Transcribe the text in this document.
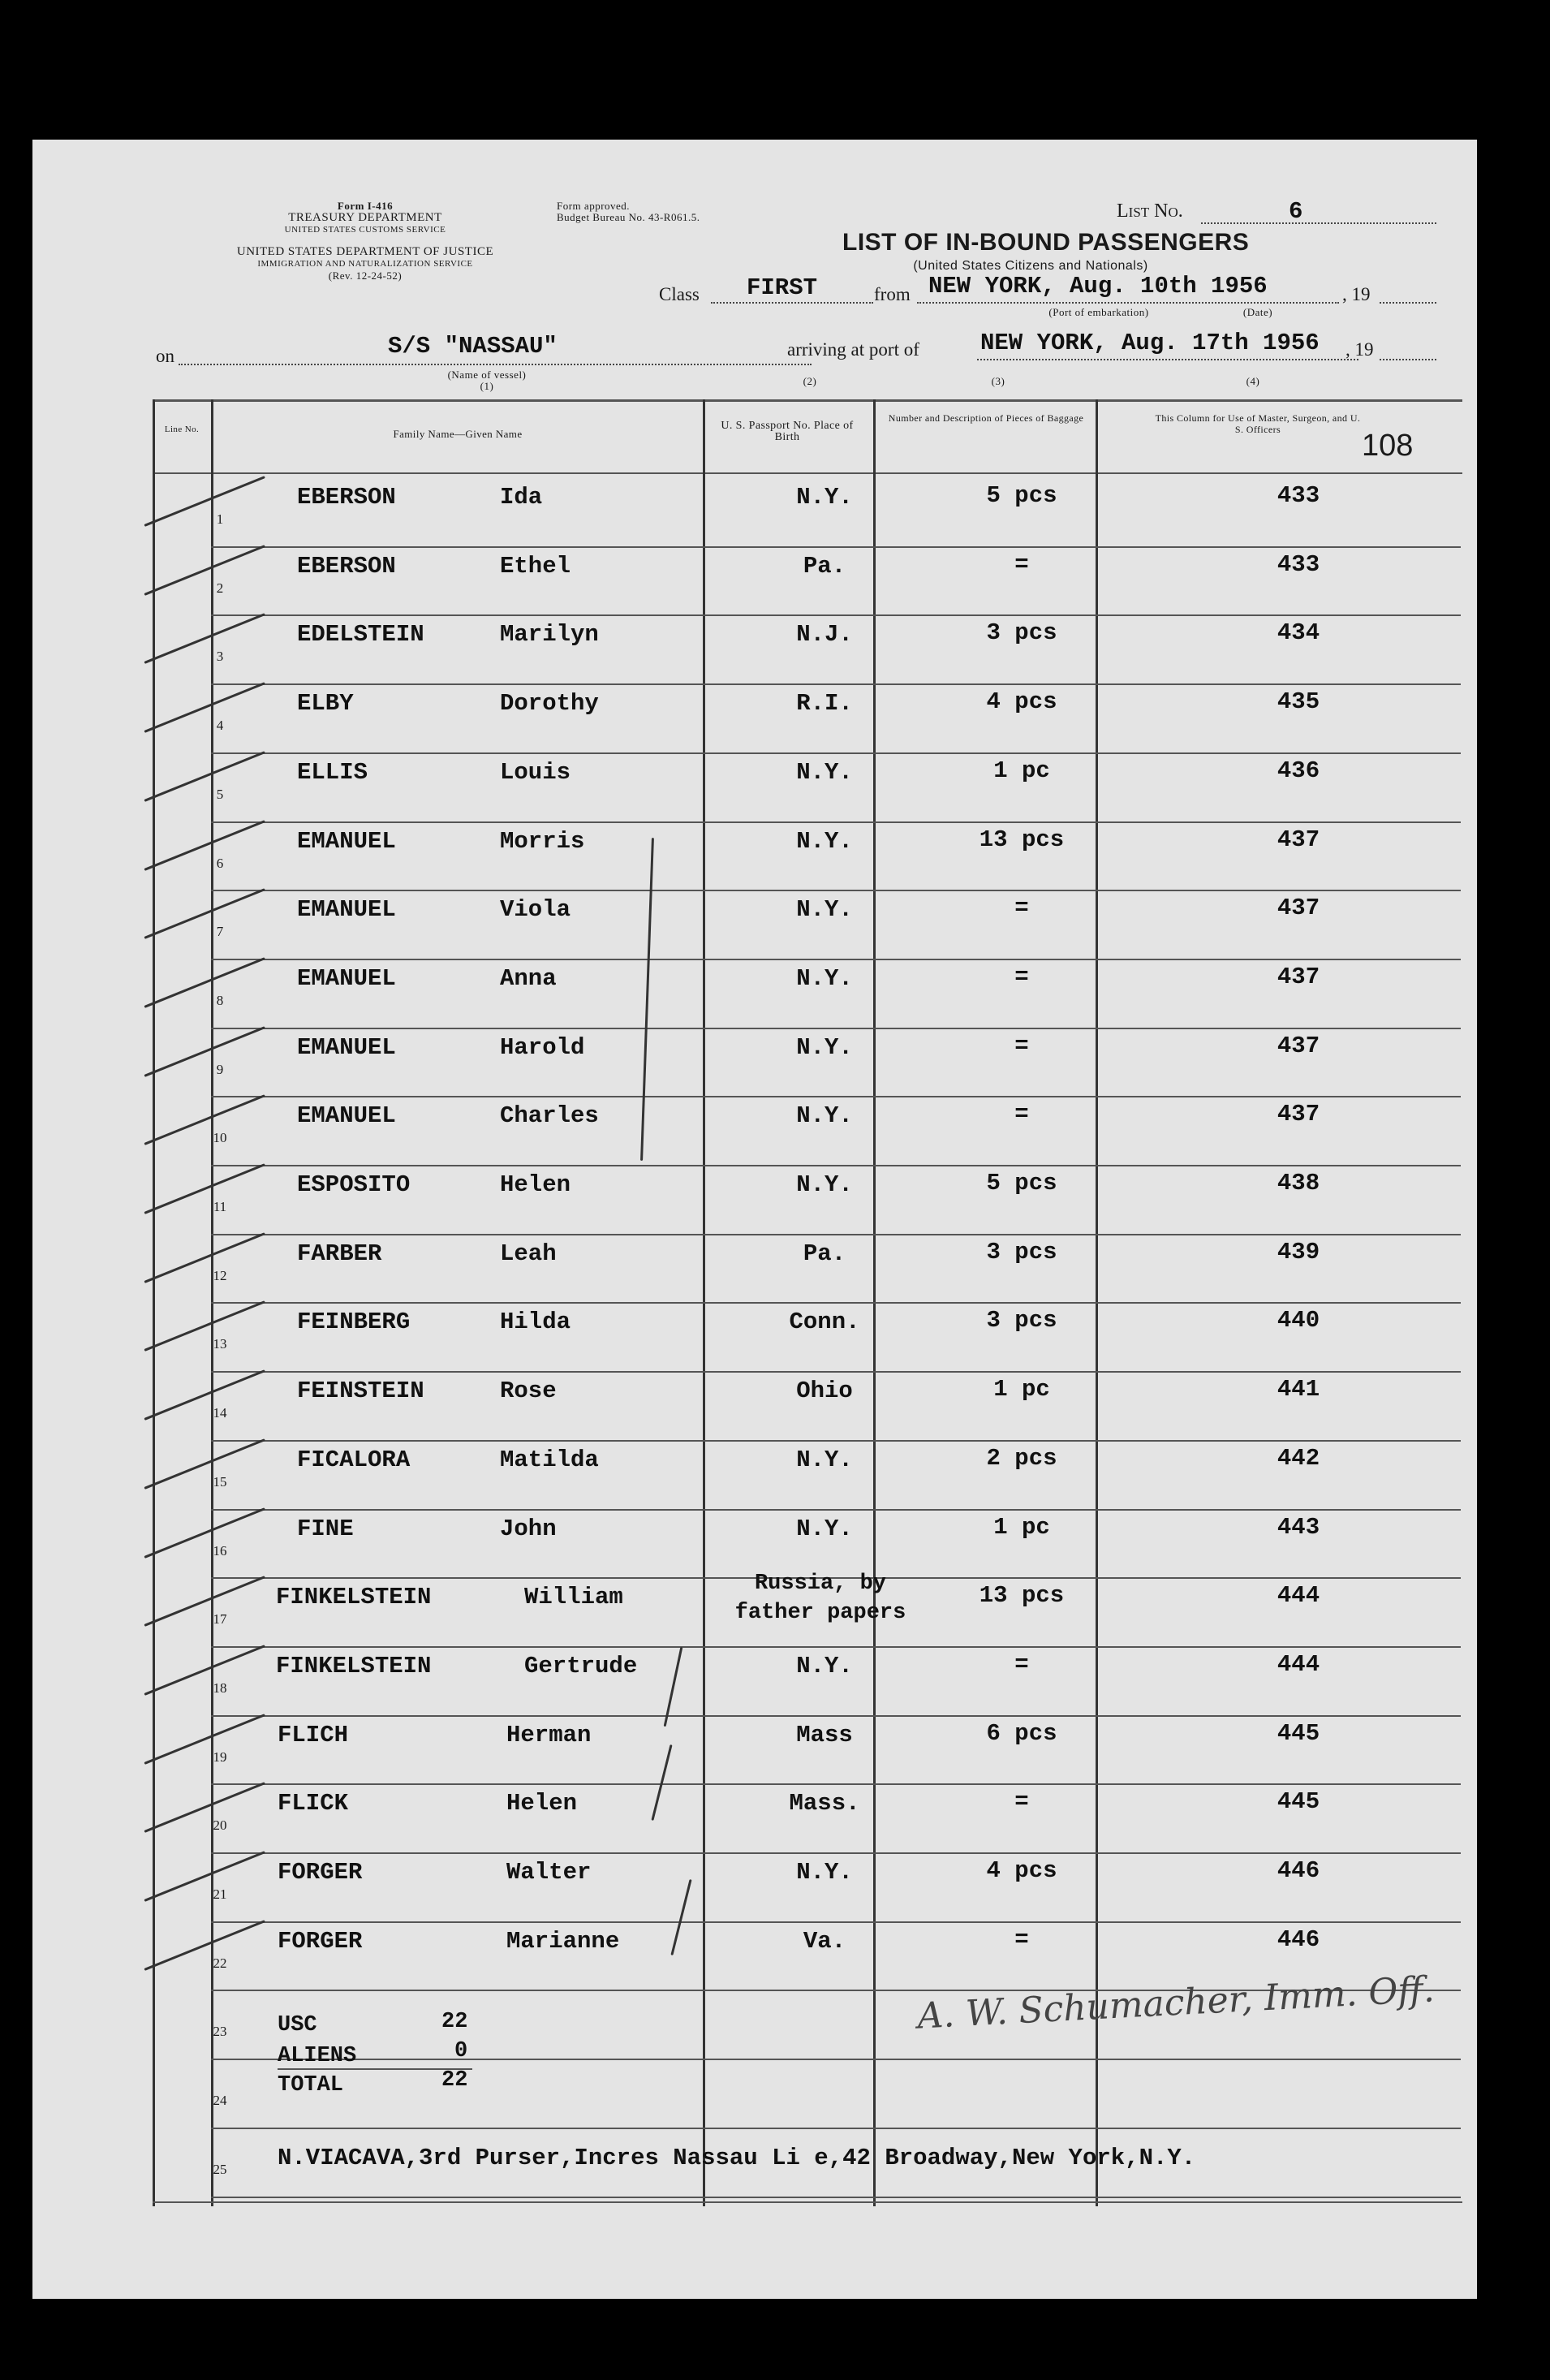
Form I-416
TREASURY DEPARTMENT
UNITED STATES CUSTOMS SERVICE
UNITED STATES DEPARTMENT OF JUSTICE
IMMIGRATION AND NATURALIZATION SERVICE
(Rev. 12-24-52)
Form approved.
Budget Bureau No. 43-R061.5.	List No.	6
LIST OF IN-BOUND PASSENGERS
(United States Citizens and Nationals)
Class FIRST	from NEW YORK, Aug. 10th 1956	, 19
(Port of embarkation)	(Date)
on	S/S "NASSAU"	arriving at port of	NEW YORK, Aug. 17th 1956 , 19
(Name of vessel)
(1)	(2)	(3)	(4)
108
Line No.	Family Name—Given Name
U. S. Passport No. Place of Birth
Number and Description of Pieces of Baggage	This Column for Use of Master, Surgeon, and U. S. Officers
1
EBERSON	Ida	N.Y.	5 pcs	433
2
EBERSON	Ethel	Pa.	=	433
3
EDELSTEIN	Marilyn	N.J.	3 pcs	434
4
ELBY	Dorothy	R.I.	4 pcs	435
5
ELLIS	Louis	N.Y.	1 pc	436
6
EMANUEL	Morris	N.Y.	13 pcs	437
7
EMANUEL	Viola	N.Y.	=	437
8
EMANUEL	Anna	N.Y.	=	437
9
EMANUEL	Harold	N.Y.	=	437
10
EMANUEL	Charles	N.Y.	=	437
11
ESPOSITO	Helen	N.Y.	5 pcs	438
12
FARBER	Leah	Pa.	3 pcs	439
13
FEINBERG	Hilda	Conn.	3 pcs	440
14
FEINSTEIN	Rose	Ohio	1 pc	441
15
FICALORA	Matilda	N.Y.	2 pcs	442
16
FINE	John	N.Y.	1 pc	443
17
FINKELSTEIN	William	Russia, by father papers
13 pcs	444
18
FINKELSTEIN	Gertrude	N.Y.	=	444
19
FLICH	Herman	Mass	6 pcs	445
20
FLICK	Helen	Mass.	=	445
21
FORGER	Walter	N.Y.	4 pcs	446
22
FORGER	Marianne	Va.	=	446
23
24
25
USC	22
ALIENS	0
TOTAL	22
A. W. Schumacher, Imm. Off.
N.VIACAVA,3rd Purser,Incres Nassau Li e,42 Broadway,New York,N.Y.
